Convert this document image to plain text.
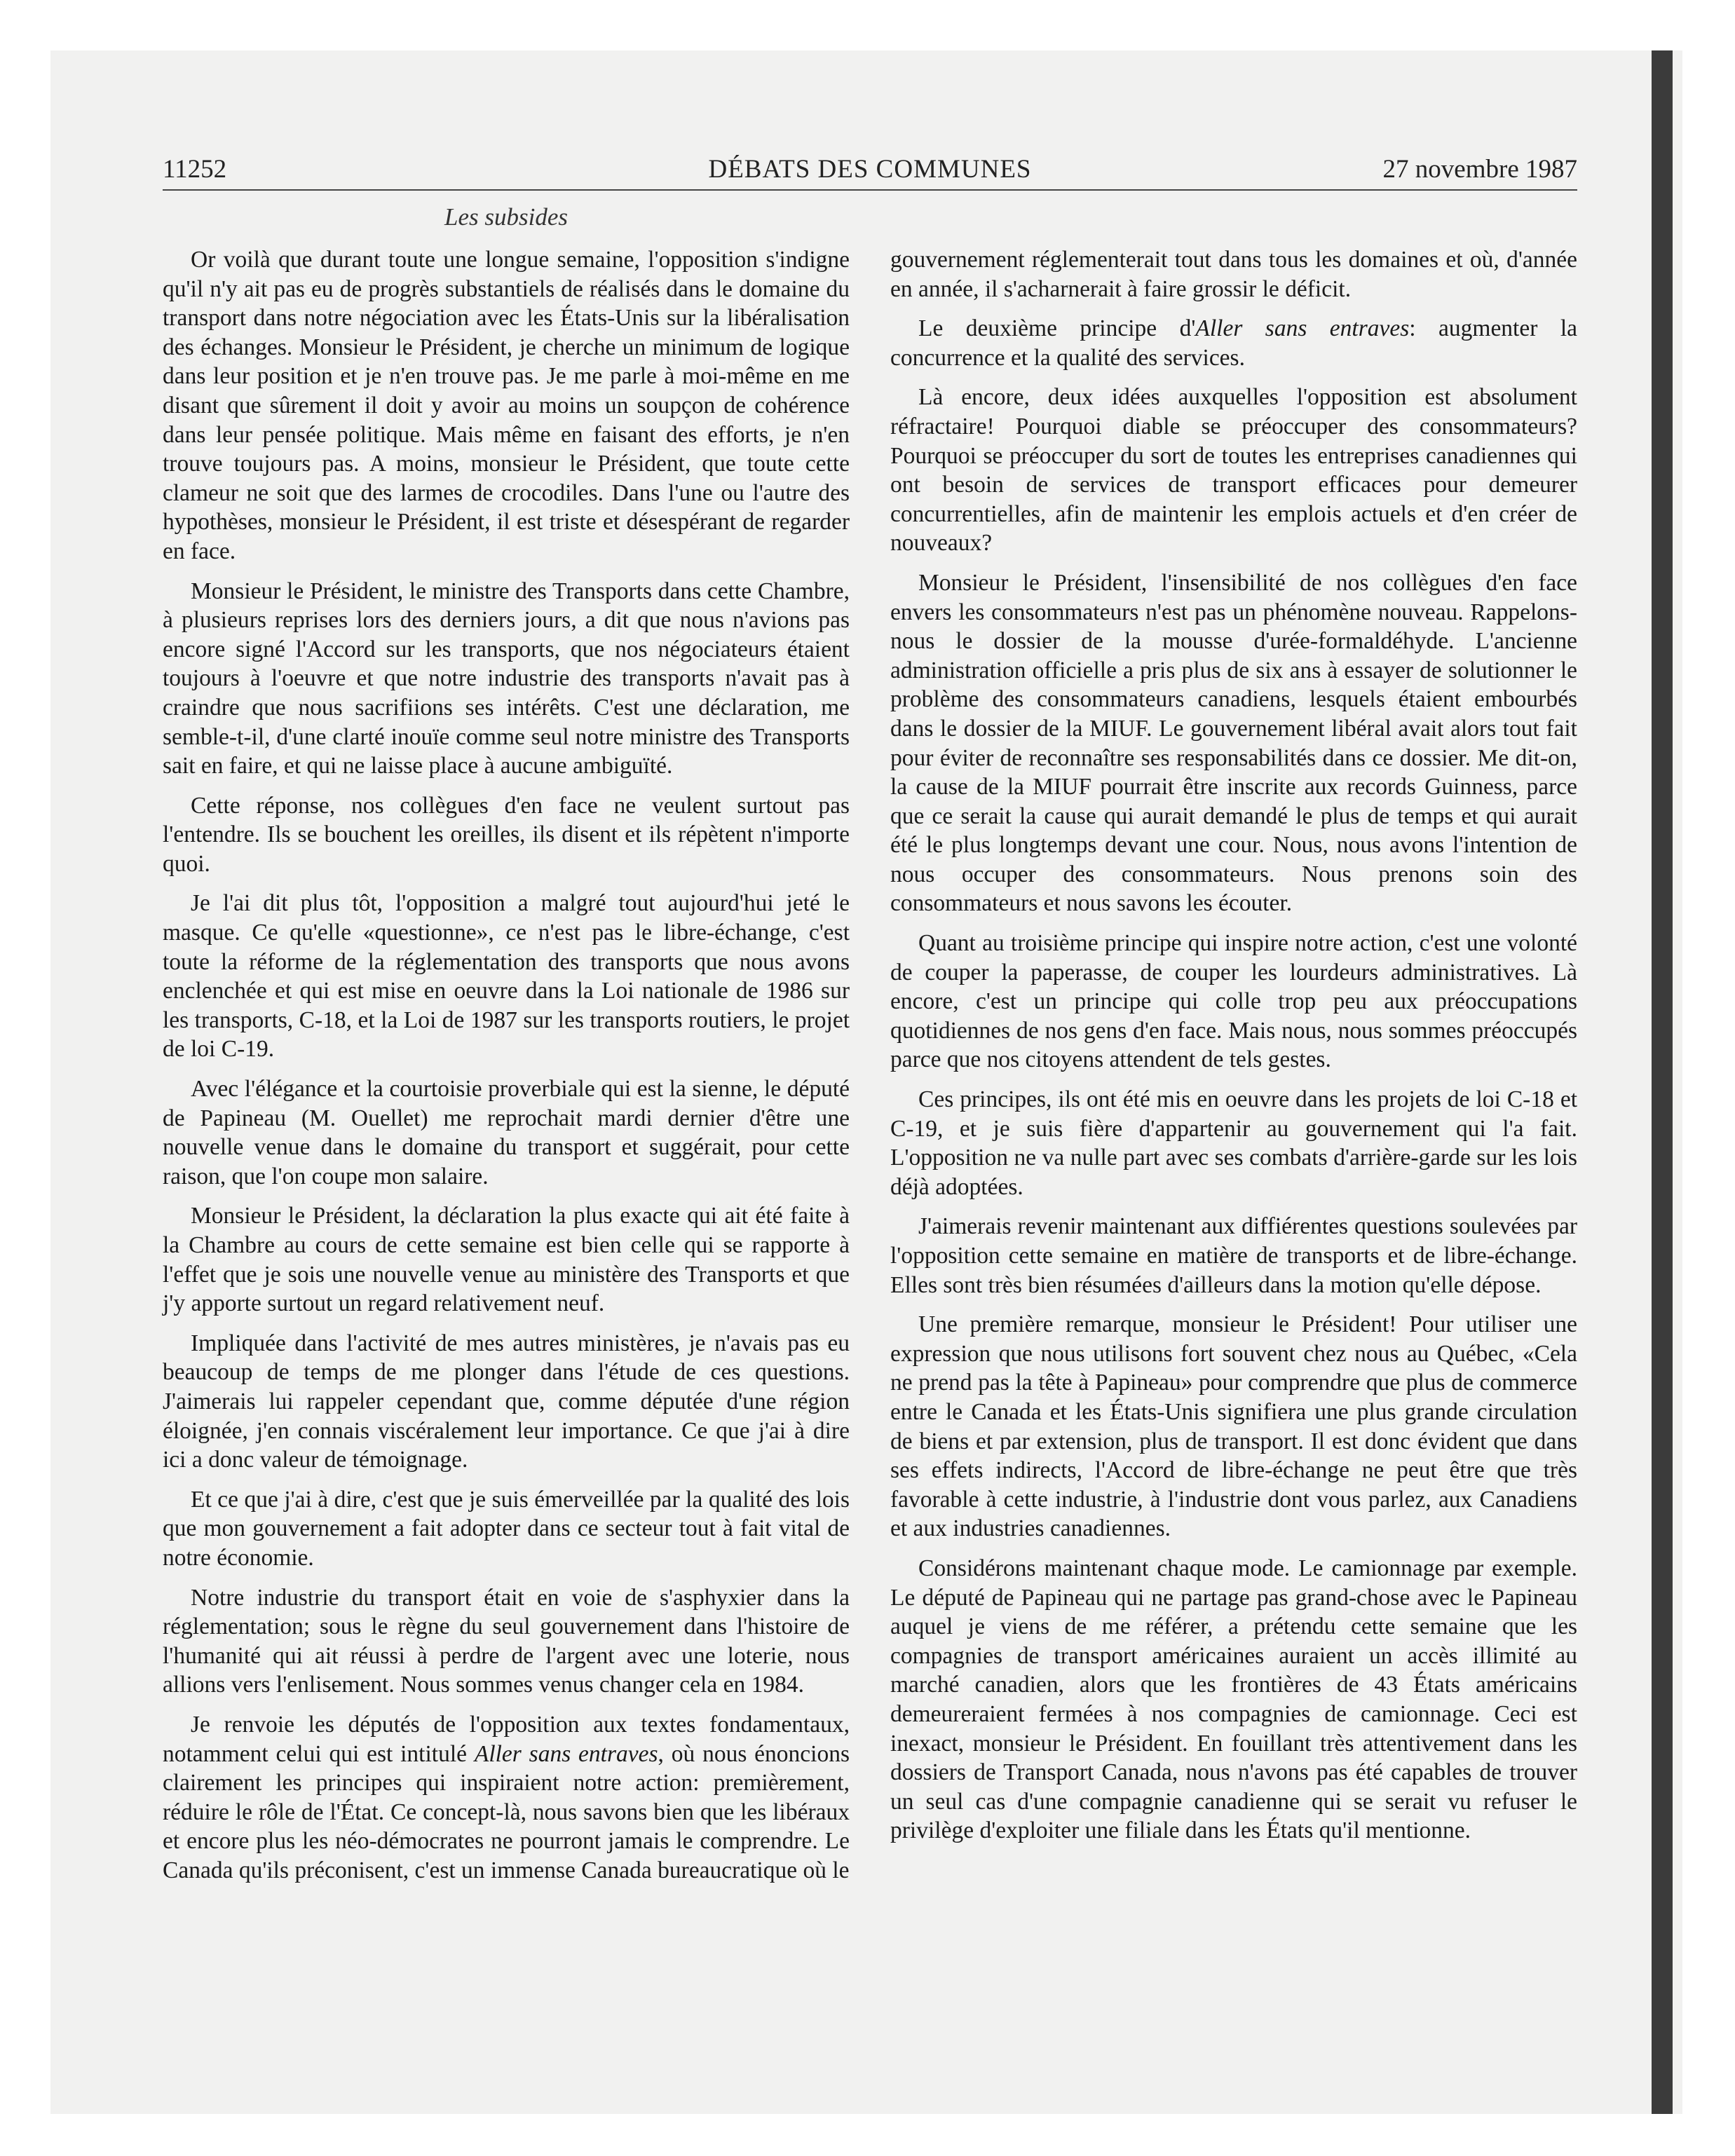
11252	DÉBATS DES COMMUNES	27 novembre 1987
Les subsides

Or voilà que durant toute une longue semaine, l'opposition s'indigne qu'il n'y ait pas eu de progrès substantiels de réalisés dans le domaine du transport dans notre négociation avec les États-Unis sur la libéralisation des échanges. Monsieur le Président, je cherche un minimum de logique dans leur position et je n'en trouve pas. Je me parle à moi-même en me disant que sûrement il doit y avoir au moins un soupçon de cohérence dans leur pensée politique. Mais même en faisant des efforts, je n'en trouve toujours pas. A moins, monsieur le Président, que toute cette clameur ne soit que des larmes de crocodiles. Dans l'une ou l'autre des hypothèses, monsieur le Président, il est triste et désespérant de regarder en face.

Monsieur le Président, le ministre des Transports dans cette Chambre, à plusieurs reprises lors des derniers jours, a dit que nous n'avions pas encore signé l'Accord sur les transports, que nos négociateurs étaient toujours à l'oeuvre et que notre industrie des transports n'avait pas à craindre que nous sacrifiions ses intérêts. C'est une déclaration, me semble-t-il, d'une clarté inouïe comme seul notre ministre des Transports sait en faire, et qui ne laisse place à aucune ambiguïté.

Cette réponse, nos collègues d'en face ne veulent surtout pas l'entendre. Ils se bouchent les oreilles, ils disent et ils répètent n'importe quoi.

Je l'ai dit plus tôt, l'opposition a malgré tout aujourd'hui jeté le masque. Ce qu'elle «questionne», ce n'est pas le libre-échange, c'est toute la réforme de la réglementation des transports que nous avons enclenchée et qui est mise en oeuvre dans la Loi nationale de 1986 sur les transports, C-18, et la Loi de 1987 sur les transports routiers, le projet de loi C-19.

Avec l'élégance et la courtoisie proverbiale qui est la sienne, le député de Papineau (M. Ouellet) me reprochait mardi dernier d'être une nouvelle venue dans le domaine du transport et suggérait, pour cette raison, que l'on coupe mon salaire.

Monsieur le Président, la déclaration la plus exacte qui ait été faite à la Chambre au cours de cette semaine est bien celle qui se rapporte à l'effet que je sois une nouvelle venue au ministère des Transports et que j'y apporte surtout un regard relativement neuf.

Impliquée dans l'activité de mes autres ministères, je n'avais pas eu beaucoup de temps de me plonger dans l'étude de ces questions. J'aimerais lui rappeler cependant que, comme députée d'une région éloignée, j'en connais viscéralement leur importance. Ce que j'ai à dire ici a donc valeur de témoignage.

Et ce que j'ai à dire, c'est que je suis émerveillée par la qualité des lois que mon gouvernement a fait adopter dans ce secteur tout à fait vital de notre économie.

Notre industrie du transport était en voie de s'asphyxier dans la réglementation; sous le règne du seul gouvernement dans l'histoire de l'humanité qui ait réussi à perdre de l'argent avec une loterie, nous allions vers l'enlisement. Nous sommes venus changer cela en 1984.

Je renvoie les députés de l'opposition aux textes fondamentaux, notamment celui qui est intitulé Aller sans entraves, où nous énoncions clairement les principes qui inspiraient notre action: premièrement, réduire le rôle de l'État. Ce concept-là, nous savons bien que les libéraux et encore plus les néo-démocrates ne pourront jamais le comprendre. Le Canada qu'ils préconisent, c'est un immense Canada bureaucratique où le

gouvernement réglementerait tout dans tous les domaines et où, d'année en année, il s'acharnerait à faire grossir le déficit.

Le deuxième principe d'Aller sans entraves: augmenter la concurrence et la qualité des services.

Là encore, deux idées auxquelles l'opposition est absolument réfractaire! Pourquoi diable se préoccuper des consommateurs? Pourquoi se préoccuper du sort de toutes les entreprises canadiennes qui ont besoin de services de transport efficaces pour demeurer concurrentielles, afin de maintenir les emplois actuels et d'en créer de nouveaux?

Monsieur le Président, l'insensibilité de nos collègues d'en face envers les consommateurs n'est pas un phénomène nouveau. Rappelons-nous le dossier de la mousse d'urée-formaldéhyde. L'ancienne administration officielle a pris plus de six ans à essayer de solutionner le problème des consommateurs canadiens, lesquels étaient embourbés dans le dossier de la MIUF. Le gouvernement libéral avait alors tout fait pour éviter de reconnaître ses responsabilités dans ce dossier. Me dit-on, la cause de la MIUF pourrait être inscrite aux records Guinness, parce que ce serait la cause qui aurait demandé le plus de temps et qui aurait été le plus longtemps devant une cour. Nous, nous avons l'intention de nous occuper des consommateurs. Nous prenons soin des consommateurs et nous savons les écouter.

Quant au troisième principe qui inspire notre action, c'est une volonté de couper la paperasse, de couper les lourdeurs administratives. Là encore, c'est un principe qui colle trop peu aux préoccupations quotidiennes de nos gens d'en face. Mais nous, nous sommes préoccupés parce que nos citoyens attendent de tels gestes.

Ces principes, ils ont été mis en oeuvre dans les projets de loi C-18 et C-19, et je suis fière d'appartenir au gouvernement qui l'a fait. L'opposition ne va nulle part avec ses combats d'arrière-garde sur les lois déjà adoptées.

J'aimerais revenir maintenant aux diffiérentes questions soulevées par l'opposition cette semaine en matière de transports et de libre-échange. Elles sont très bien résumées d'ailleurs dans la motion qu'elle dépose.

Une première remarque, monsieur le Président! Pour utiliser une expression que nous utilisons fort souvent chez nous au Québec, «Cela ne prend pas la tête à Papineau» pour comprendre que plus de commerce entre le Canada et les États-Unis signifiera une plus grande circulation de biens et par extension, plus de transport. Il est donc évident que dans ses effets indirects, l'Accord de libre-échange ne peut être que très favorable à cette industrie, à l'industrie dont vous parlez, aux Canadiens et aux industries canadiennes.

Considérons maintenant chaque mode. Le camionnage par exemple. Le député de Papineau qui ne partage pas grand-chose avec le Papineau auquel je viens de me référer, a prétendu cette semaine que les compagnies de transport américaines auraient un accès illimité au marché canadien, alors que les frontières de 43 États américains demeureraient fermées à nos compagnies de camionnage. Ceci est inexact, monsieur le Président. En fouillant très attentivement dans les dossiers de Transport Canada, nous n'avons pas été capables de trouver un seul cas d'une compagnie canadienne qui se serait vu refuser le privilège d'exploiter une filiale dans les États qu'il mentionne.
